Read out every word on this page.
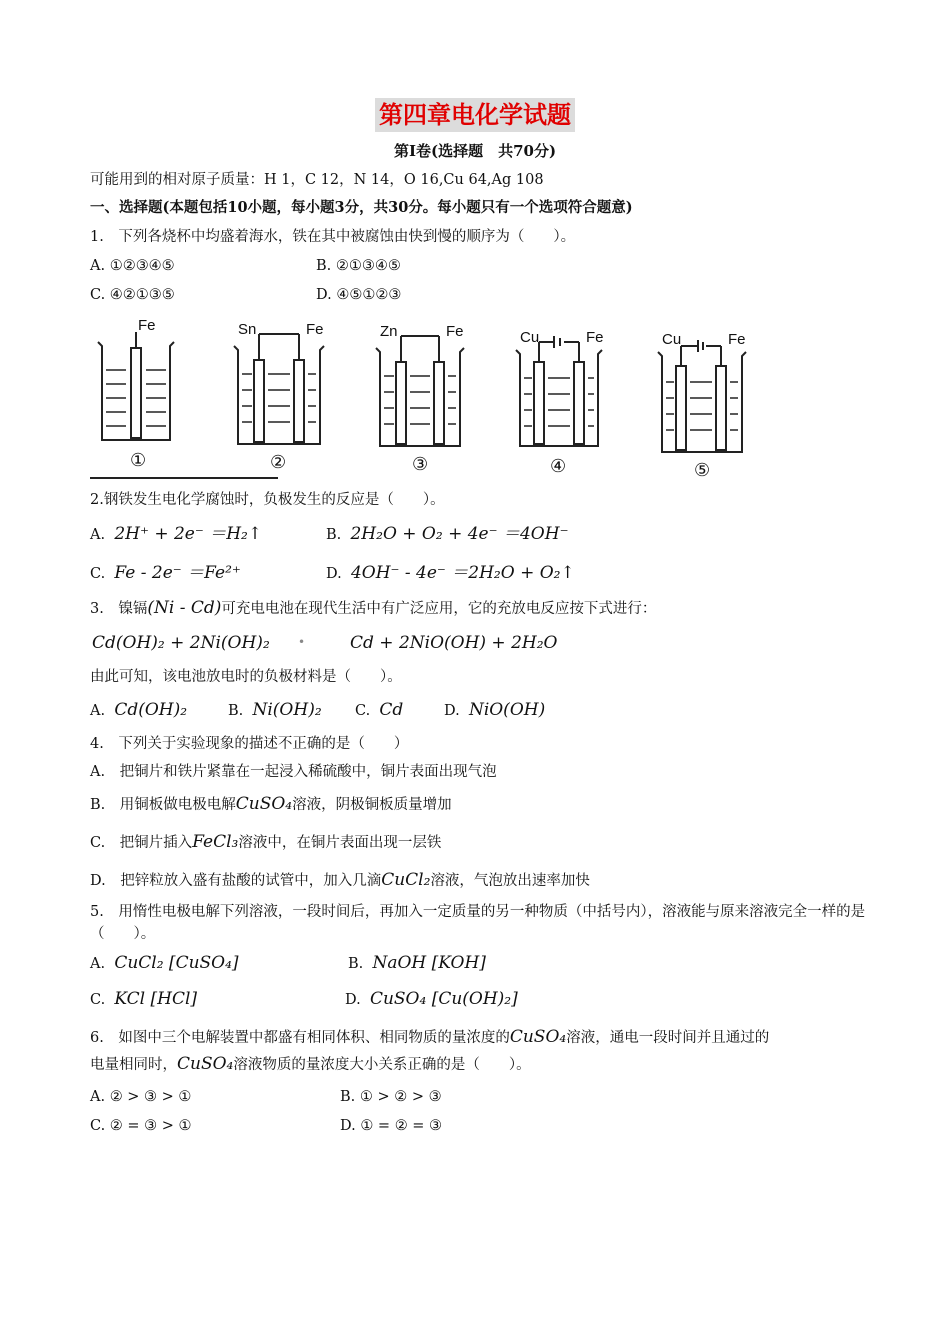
第四章电化学试题
第Ⅰ卷(选择题　共70分)
可能用到的相对原子质量：H 1，C 12，N 14，O 16,Cu 64,Ag 108
一、选择题(本题包括10小题，每小题3分，共30分。每小题只有一个选项符合题意)
1.　下列各烧杯中均盛着海水，铁在其中被腐蚀由快到慢的顺序为（　　）。
A. ①②③④⑤	B. ②①③④⑤
C. ④②①③⑤	D. ④⑤①②③
Fe	Sn	Fe	Zn	Fe	Cu	Fe	Cu	Fe
①	②	③	④	⑤
2.钢铁发生电化学腐蚀时，负极发生的反应是（　　）。
A. 2H⁺ + 2e⁻ ＝H₂↑	B. 2H₂O + O₂ + 4e⁻ ＝4OH⁻
C. Fe - 2e⁻ ＝Fe²⁺	D. 4OH⁻ - 4e⁻ ＝2H₂O + O₂↑
3.　镍镉(Ni - Cd)可充电电池在现代生活中有广泛应用，它的充放电反应按下式进行：
Cd(OH)₂ + 2Ni(OH)₂ •	Cd + 2NiO(OH) + 2H₂O
由此可知，该电池放电时的负极材料是（　　）。
A. Cd(OH)₂	B. Ni(OH)₂ C. Cd	D. NiO(OH)
4.　下列关于实验现象的描述不正确的是（　　）
A.　把铜片和铁片紧靠在一起浸入稀硫酸中，铜片表面出现气泡
B.　用铜板做电极电解CuSO₄溶液，阴极铜板质量增加
C.　把铜片插入FeCl₃溶液中，在铜片表面出现一层铁
D.　把锌粒放入盛有盐酸的试管中，加入几滴CuCl₂溶液，气泡放出速率加快
5.　用惰性电极电解下列溶液，一段时间后，再加入一定质量的另一种物质（中括号内），溶液能与原来溶液完全一样的是（　　）。
A. CuCl₂ [CuSO₄]	B. NaOH [KOH]
C. KCl [HCl]	D. CuSO₄ [Cu(OH)₂]
6.　如图中三个电解装置中都盛有相同体积、相同物质的量浓度的CuSO₄溶液，通电一段时间并且通过的
电量相同时，CuSO₄溶液物质的量浓度大小关系正确的是（　　）。
A. ② > ③ > ①	B. ① > ② > ③
C. ② = ③ > ①	D. ① = ② = ③
